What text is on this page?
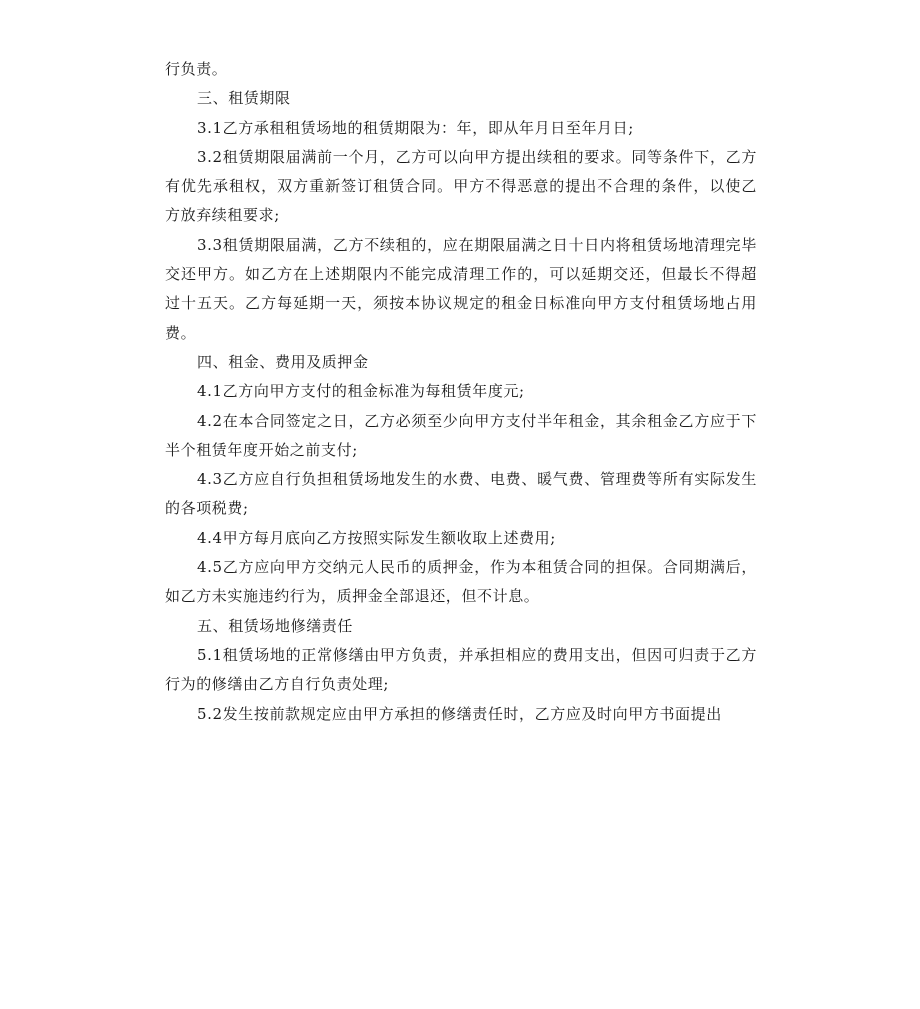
行负责。

三、租赁期限

3.1乙方承租租赁场地的租赁期限为：年，即从年月日至年月日;

3.2租赁期限届满前一个月，乙方可以向甲方提出续租的要求。同等条件下，乙方有优先承租权，双方重新签订租赁合同。甲方不得恶意的提出不合理的条件，以使乙方放弃续租要求;

3.3租赁期限届满，乙方不续租的，应在期限届满之日十日内将租赁场地清理完毕交还甲方。如乙方在上述期限内不能完成清理工作的，可以延期交还，但最长不得超过十五天。乙方每延期一天，须按本协议规定的租金日标准向甲方支付租赁场地占用费。

四、租金、费用及质押金

4.1乙方向甲方支付的租金标准为每租赁年度元;

4.2在本合同签定之日，乙方必须至少向甲方支付半年租金，其余租金乙方应于下半个租赁年度开始之前支付;

4.3乙方应自行负担租赁场地发生的水费、电费、暖气费、管理费等所有实际发生的各项税费;

4.4甲方每月底向乙方按照实际发生额收取上述费用;

4.5乙方应向甲方交纳元人民币的质押金，作为本租赁合同的担保。合同期满后，如乙方未实施违约行为，质押金全部退还，但不计息。

五、租赁场地修缮责任

5.1租赁场地的正常修缮由甲方负责，并承担相应的费用支出，但因可归责于乙方行为的修缮由乙方自行负责处理;

5.2发生按前款规定应由甲方承担的修缮责任时，乙方应及时向甲方书面提出
